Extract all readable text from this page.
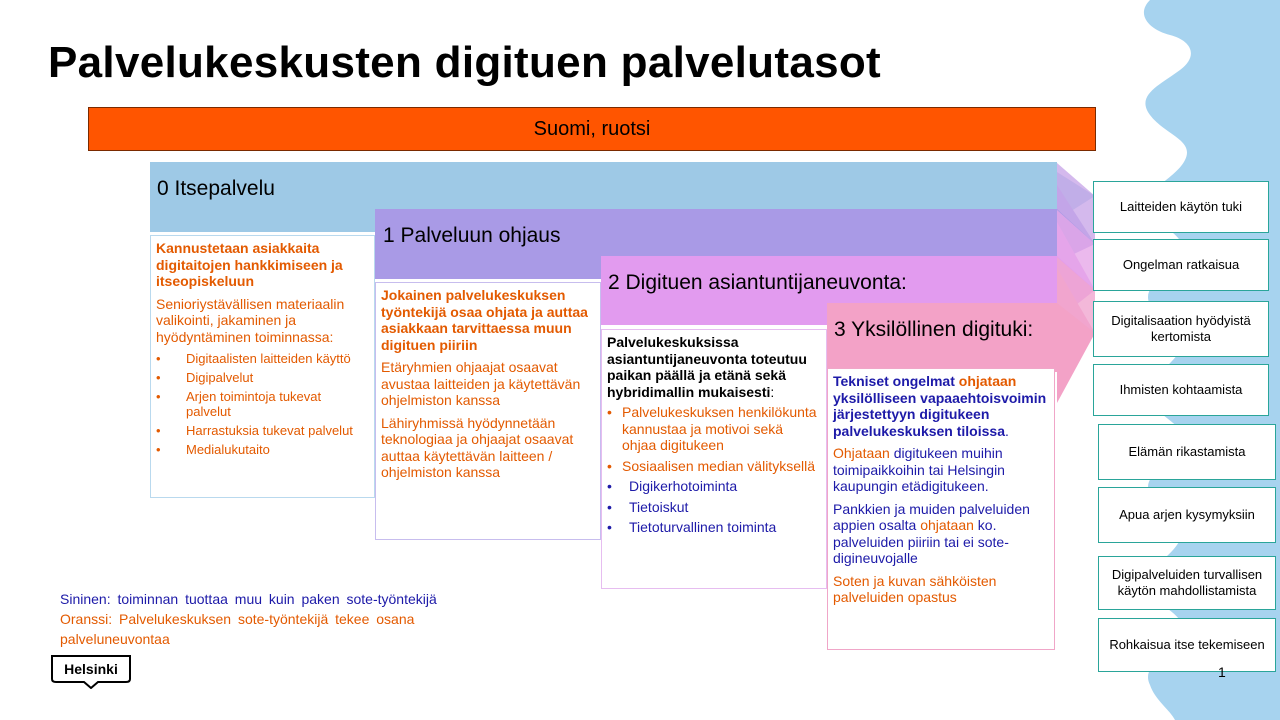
Palvelukeskusten digituen palvelutasot
Suomi, ruotsi
0 Itsepalvelu
1 Palveluun ohjaus
2 Digituen asiantuntijaneuvonta:
3 Yksilöllinen digituki:

Kannustetaan asiakkaita digitaitojen hankkimiseen ja itseopiskeluun

Senioriystävällisen materiaalin valikointi, jakaminen ja hyödyntäminen toiminnassa:

• Digitaalisten laitteiden käyttö
• Digipalvelut
• Arjen toimintoja tukevat palvelut
• Harrastuksia tukevat palvelut
• Medialukutaito

Jokainen palvelukeskuksen työntekijä osaa ohjata ja auttaa asiakkaan tarvittaessa muun digituen piiriin

Etäryhmien ohjaajat osaavat avustaa laitteiden ja käytettävän ohjelmiston kanssa

Lähiryhmissä hyödynnetään teknologiaa ja ohjaajat osaavat auttaa käytettävän laitteen / ohjelmiston kanssa

Palvelukeskuksissa asiantuntijaneuvonta toteutuu paikan päällä ja etänä sekä hybridimallin mukaisesti:

• Palvelukeskuksen henkilökunta kannustaa ja motivoi sekä ohjaa digitukeen
• Sosiaalisen median välityksellä
• Digikerhotoiminta
• Tietoiskut
• Tietoturvallinen toiminta

Tekniset ongelmat ohjataan yksilölliseen vapaaehtoisvoimin järjestettyyn digitukeen palvelukeskuksen tiloissa.

Ohjataan digitukeen muihin toimipaikkoihin tai Helsingin kaupungin etädigitukeen.

Pankkien ja muiden palveluiden appien osalta ohjataan ko. palveluiden piiriin tai ei sote-digineuvojalle

Soten ja kuvan sähköisten palveluiden opastus

Laitteiden käytön tuki
Ongelman ratkaisua
Digitalisaation hyödyistä kertomista
Ihmisten kohtaamista
Elämän rikastamista
Apua arjen kysymyksiin
Digipalveluiden turvallisen käytön mahdollistamista
Rohkaisua itse tekemiseen
1
Sininen: toiminnan tuottaa muu kuin paken sote-työntekijä
Oranssi: Palvelukeskuksen sote-työntekijä tekee osana palveluneuvontaa
Helsinki
